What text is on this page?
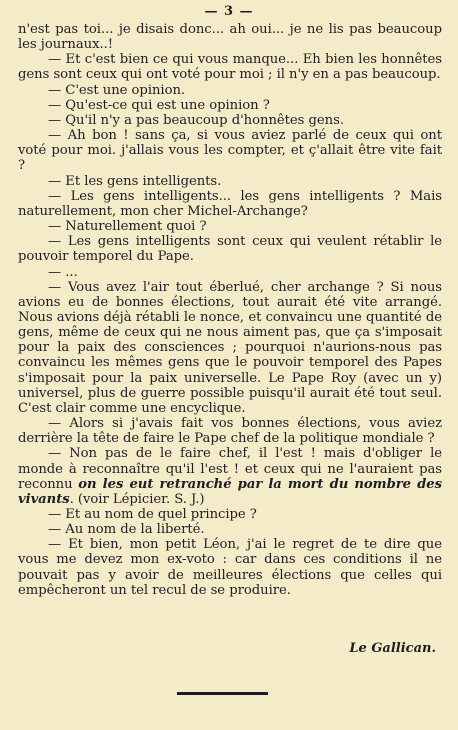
— 3 —

n'est pas toi... je disais donc... ah oui... je ne lis pas beaucoup les journaux..!

— Et c'est bien ce qui vous manque... Eh bien les honnêtes gens sont ceux qui ont voté pour moi ; il n'y en a pas beaucoup.

— C'est une opinion.

— Qu'est-ce qui est une opinion ?

— Qu'il n'y a pas beaucoup d'honnêtes gens.

— Ah bon ! sans ça, si vous aviez parlé de ceux qui ont voté pour moi. j'allais vous les compter, et ç'allait être vite fait ?

— Et les gens intelligents.

— Les gens intelligents... les gens intelligents ? Mais naturellement, mon cher Michel-Archange?

— Naturellement quoi ?

— Les gens intelligents sont ceux qui veulent rétablir le pouvoir temporel du Pape.

— ...

— Vous avez l'air tout éberlué, cher archange ? Si nous avions eu de bonnes élections, tout aurait été vite arrangé. Nous avions déjà rétabli le nonce, et convaincu une quantité de gens, même de ceux qui ne nous aiment pas, que ça s'imposait pour la paix des consciences ; pourquoi n'aurions-nous pas convaincu les mêmes gens que le pouvoir temporel des Papes s'imposait pour la paix universelle. Le Pape Roy (avec un y) universel, plus de guerre possible puisqu'il aurait été tout seul. C'est clair comme une encyclique.

— Alors si j'avais fait vos bonnes élections, vous aviez derrière la tête de faire le Pape chef de la politique mondiale ?

— Non pas de le faire chef, il l'est ! mais d'obliger le monde à reconnaître qu'il l'est ! et ceux qui ne l'auraient pas reconnu on les eut retranché par la mort du nombre des vivants. (voir Lépicier. S. J.)

— Et au nom de quel principe ?

— Au nom de la liberté.

— Et bien, mon petit Léon, j'ai le regret de te dire que vous me devez mon ex-voto : car dans ces conditions il ne pouvait pas y avoir de meilleures élections que celles qui empêcheront un tel recul de se produire.

Le Gallican.
